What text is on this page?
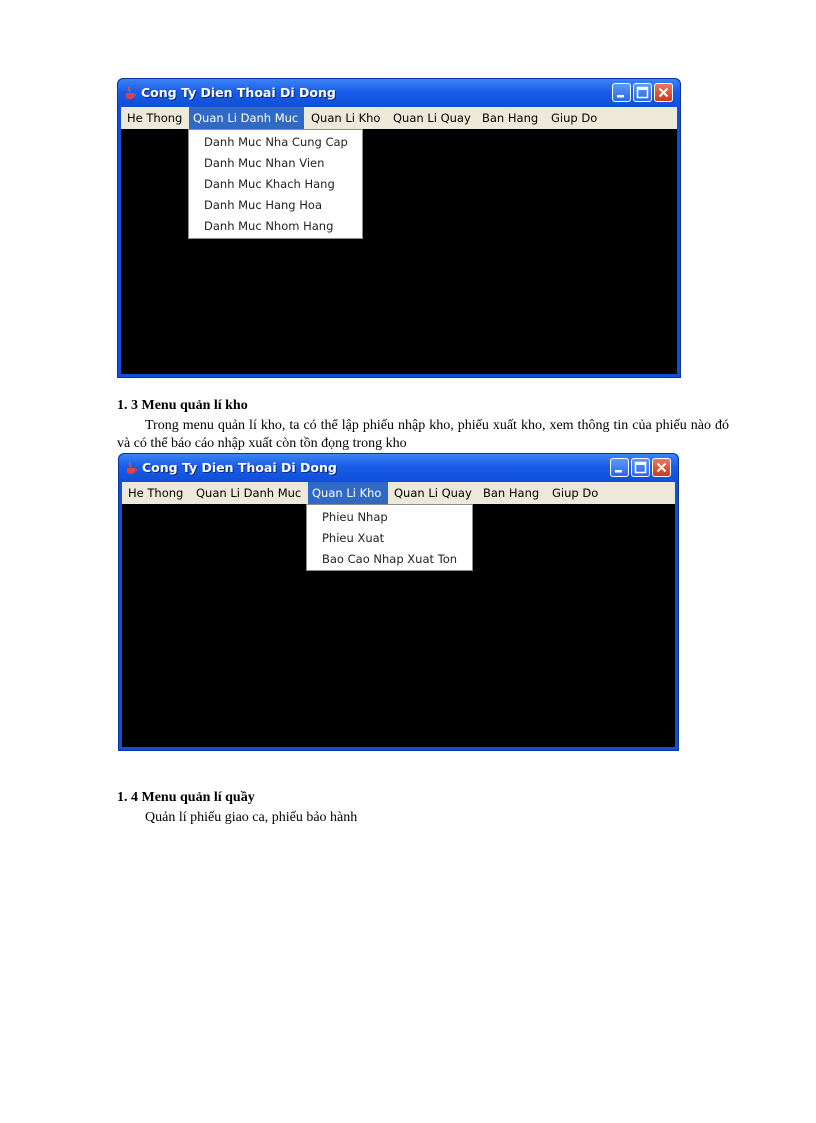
Cong Ty Dien Thoai Di Dong
He Thong Quan Li Danh Muc	Quan Li Kho	Quan Li Quay Ban Hang	Giup Do
Danh Muc Nha Cung Cap
Danh Muc Nhan Vien
Danh Muc Khach Hang
Danh Muc Hang Hoa
Danh Muc Nhom Hang
1. 3 Menu quản lí kho
Trong menu quản lí kho, ta có thể lập phiếu nhập kho, phiếu xuất kho, xem thông tin của phiếu nào đó và có thể báo cáo nhập xuất còn tồn đọng trong kho
Cong Ty Dien Thoai Di Dong
He Thong	Quan Li Danh Muc Quan Li Kho	Quan Li Quay Ban Hang	Giup Do
Phieu Nhap
Phieu Xuat
Bao Cao Nhap Xuat Ton
1. 4 Menu quản lí quầy
Quản lí phiếu giao ca, phiếu bảo hành
